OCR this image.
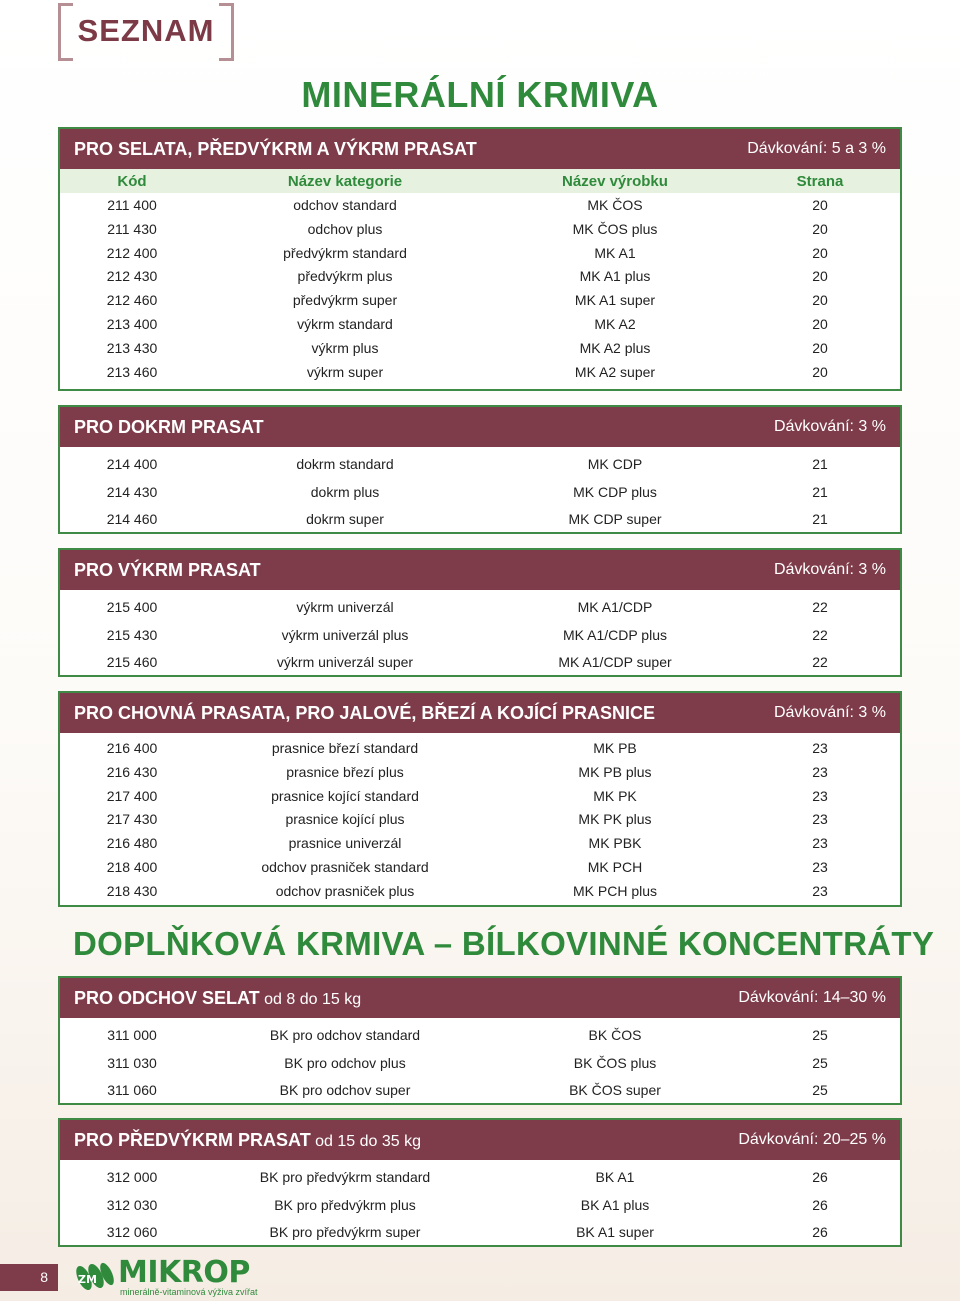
SEZNAM
MINERÁLNÍ KRMIVA
DOPLŇKOVÁ KRMIVA – BÍLKOVINNÉ KONCENTRÁTY
PRO SELATA, PŘEDVÝKRM A VÝKRM PRASAT	Dávkování: 5 a 3 %
Kód	Název kategorie	Název výrobku	Strana
211 400	odchov standard	MK ČOS	20
211 430	odchov plus	MK ČOS plus	20
212 400	předvýkrm standard	MK A1	20
212 430	předvýkrm plus	MK A1 plus	20
212 460	předvýkrm super	MK A1 super	20
213 400	výkrm standard	MK A2	20
213 430	výkrm plus	MK A2 plus	20
213 460	výkrm super	MK A2 super	20
PRO DOKRM PRASAT	Dávkování: 3 %
214 400	dokrm standard	MK CDP	21
214 430	dokrm plus	MK CDP plus	21
214 460	dokrm super	MK CDP super	21
PRO VÝKRM PRASAT	Dávkování: 3 %
215 400	výkrm univerzál	MK A1/CDP	22
215 430	výkrm univerzál plus	MK A1/CDP plus	22
215 460	výkrm univerzál super	MK A1/CDP super	22
PRO CHOVNÁ PRASATA, PRO JALOVÉ, BŘEZÍ A KOJÍCÍ PRASNICE	Dávkování: 3 %
216 400	prasnice březí standard	MK PB	23
216 430	prasnice březí plus	MK PB plus	23
217 400	prasnice kojící standard	MK PK	23
217 430	prasnice kojící plus	MK PK plus	23
216 480	prasnice univerzál	MK PBK	23
218 400	odchov prasniček standard	MK PCH	23
218 430	odchov prasniček plus	MK PCH plus	23
PRO ODCHOV SELAT od 8 do 15 kg	Dávkování: 14–30 %
311 000	BK pro odchov standard	BK ČOS	25
311 030	BK pro odchov plus	BK ČOS plus	25
311 060	BK pro odchov super	BK ČOS super	25
PRO PŘEDVÝKRM PRASAT od 15 do 35 kg	Dávkování: 20–25 %
312 000	BK pro předvýkrm standard	BK A1	26
312 030	BK pro předvýkrm plus	BK A1 plus	26
312 060	BK pro předvýkrm super	BK A1 super	26
8	ZM MIKROP
minerálně-vitaminová výživa zvířat
